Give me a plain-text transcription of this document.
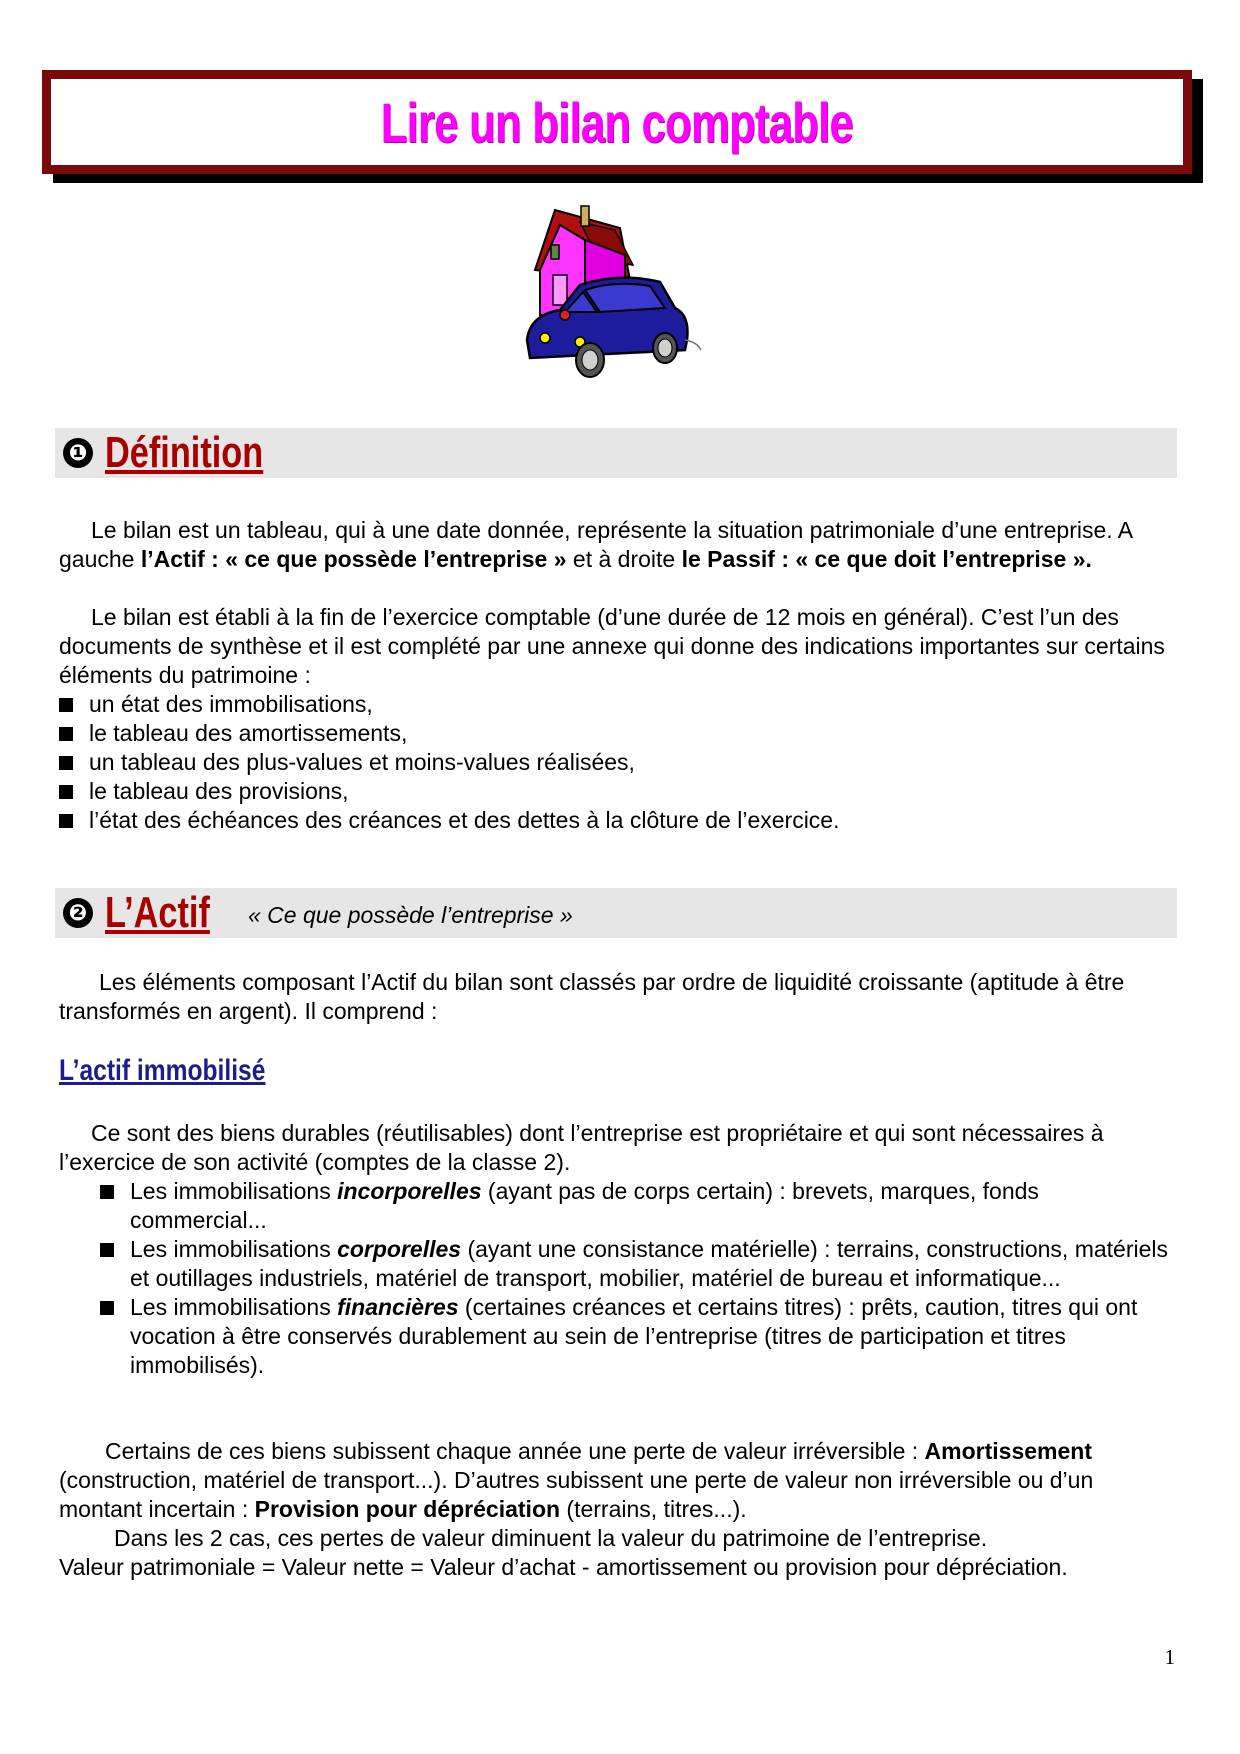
Lire un bilan comptable
❶ Définition

Le bilan est un tableau, qui à une date donnée, représente la situation patrimoniale d’une entreprise. A gauche l’Actif : « ce que possède l’entreprise » et à droite le Passif : « ce que doit l’entreprise ».

Le bilan est établi à la fin de l’exercice comptable (d’une durée de 12 mois en général). C’est l’un des documents de synthèse et il est complété par une annexe qui donne des indications importantes sur certains éléments du patrimoine :

un état des immobilisations,
le tableau des amortissements,
un tableau des plus-values et moins-values réalisées,
le tableau des provisions,
l’état des échéances des créances et des dettes à la clôture de l’exercice.
❷ L’Actif « Ce que possède l’entreprise »

Les éléments composant l’Actif du bilan sont classés par ordre de liquidité croissante (aptitude à être transformés en argent). Il comprend :

L’actif immobilisé

Ce sont des biens durables (réutilisables) dont l’entreprise est propriétaire et qui sont nécessaires à l’exercice de son activité (comptes de la classe 2).

Les immobilisations incorporelles (ayant pas de corps certain) : brevets, marques, fonds commercial...
Les immobilisations corporelles (ayant une consistance matérielle) : terrains, constructions, matériels et outillages industriels, matériel de transport, mobilier, matériel de bureau et informatique...
Les immobilisations financières (certaines créances et certains titres) : prêts, caution, titres qui ont vocation à être conservés durablement au sein de l’entreprise (titres de participation et titres immobilisés).

Certains de ces biens subissent chaque année une perte de valeur irréversible : Amortissement (construction, matériel de transport...). D’autres subissent une perte de valeur non irréversible ou d’un montant incertain : Provision pour dépréciation (terrains, titres...).

Dans les 2 cas, ces pertes de valeur diminuent la valeur du patrimoine de l’entreprise.

Valeur patrimoniale = Valeur nette = Valeur d’achat - amortissement ou provision pour dépréciation.

1
